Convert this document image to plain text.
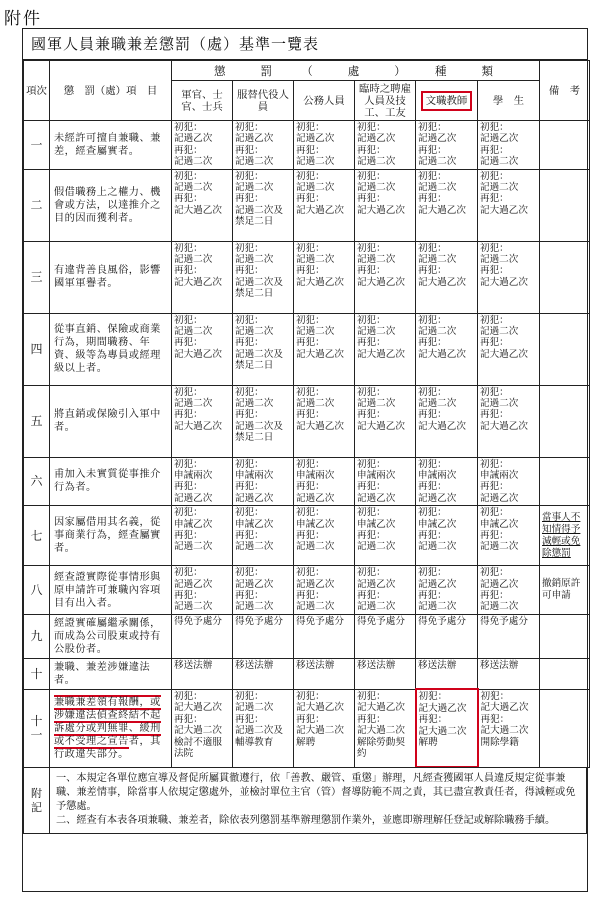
附件
國軍人員兼職兼差懲罰（處）基準一覽表
項次	懲　罰（處）項　目	懲　　罰　　（　　處　　）　　種　　類						備　考
		軍官、士官、士兵	服替代役人員	公務人員	臨時之聘雇人員及技工、工友	文職教師	學　生	
一	未經許可擅自兼職、兼差，經查屬實者。	初犯：
記過乙次
再犯：
記過二次	初犯：
記過乙次
再犯：
記過二次	初犯：
記過乙次
再犯：
記過二次	初犯：
記過乙次
再犯：
記過二次	初犯：
記過乙次
再犯：
記過二次	初犯：
記過乙次
再犯：
記過二次	
二	假借職務上之權力、機會或方法，以達推介之目的因而獲利者。	初犯：
記過二次
再犯：
記大過乙次	初犯：
記過二次
再犯：
記過二次及禁足二日	初犯：
記過二次
再犯：
記大過乙次	初犯：
記過二次
再犯：
記大過乙次	初犯：
記過二次
再犯：
記大過乙次	初犯：
記過二次
再犯：
記大過乙次	
三	有違背善良風俗，影響國軍軍譽者。	初犯：
記過二次
再犯：
記大過乙次	初犯：
記過二次
再犯：
記過二次及禁足二日	初犯：
記過二次
再犯：
記大過乙次	初犯：
記過二次
再犯：
記大過乙次	初犯：
記過二次
再犯：
記大過乙次	初犯：
記過二次
再犯：
記大過乙次	
四	從事直銷、保險或商業行為，期間職務、年資、級等為專員或經理級以上者。	初犯：
記過二次
再犯：
記大過乙次	初犯：
記過二次
再犯：
記過二次及禁足二日	初犯：
記過二次
再犯：
記大過乙次	初犯：
記過二次
再犯：
記大過乙次	初犯：
記過二次
再犯：
記大過乙次	初犯：
記過二次
再犯：
記大過乙次	
五	將直銷或保險引入軍中者。	初犯：
記過二次
再犯：
記大過乙次	初犯：
記過二次
再犯：
記過二次及禁足二日	初犯：
記過二次
再犯：
記大過乙次	初犯：
記過二次
再犯：
記大過乙次	初犯：
記過二次
再犯：
記大過乙次	初犯：
記過二次
再犯：
記大過乙次	
六	甫加入未實質從事推介行為者。	初犯：
申誡兩次
再犯：
記過乙次	初犯：
申誡兩次
再犯：
記過乙次	初犯：
申誡兩次
再犯：
記過乙次	初犯：
申誡兩次
再犯：
記過乙次	初犯：
申誡兩次
再犯：
記過乙次	初犯：
申誡兩次
再犯：
記過乙次	
七	因家屬借用其名義，從事商業行為，經查屬實者。	初犯：
申誡乙次
再犯：
記過二次	初犯：
申誡乙次
再犯：
記過二次	初犯：
申誡乙次
再犯：
記過二次	初犯：
申誡乙次
再犯：
記過二次	初犯：
申誡乙次
再犯：
記過二次	初犯：
申誡乙次
再犯：
記過二次	當事人不知情得予減輕或免除懲罰
八	經查證實際從事情形與原申請許可兼職內容項目有出入者。	初犯：
記過乙次
再犯：
記過二次	初犯：
記過乙次
再犯：
記過二次	初犯：
記過乙次
再犯：
記過二次	初犯：
記過乙次
再犯：
記過二次	初犯：
記過乙次
再犯：
記過二次	初犯：
記過乙次
再犯：
記過二次	撤銷原許可申請
九	經證實確屬繼承關係，而成為公司股東或持有公股份者。	得免予處分	得免予處分	得免予處分	得免予處分	得免予處分	得免予處分	
十	兼職、兼差涉嫌違法者。	移送法辦	移送法辦	移送法辦	移送法辦	移送法辦	移送法辦	
十一	兼職兼差領有報酬，或涉嫌違法偵查終結不起訴處分或判無罪、緩刑或不受理之宣告者，其行政違失部分。	初犯：
記大過乙次
再犯：
記大過二次檢討不適服法院	初犯：
記過二次
再犯：
記過二次及輔導教育	初犯：
記大過乙次
再犯：
記大過二次解聘	初犯：
記大過乙次
再犯：
記大過二次解除勞動契約	初犯：
記大過乙次
再犯：
記大過二次解聘	初犯：
記大過乙次
再犯：
記大過二次開除學籍	
附記	
一、本規定各單位應宣導及督促所屬貫徹遵行，依「善教、嚴管、重懲」辦理，凡經查獲國軍人員違反規定從事兼職、兼差情事，除當事人依規定懲處外，並檢討單位主官（管）督導防範不周之責，其已盡宣教責任者，得減輕或免予懲處。
二、經查有本表各項兼職、兼差者，除依表列懲罰基準辦理懲罰作業外，並應即辦理解任登記或解除職務手續。
